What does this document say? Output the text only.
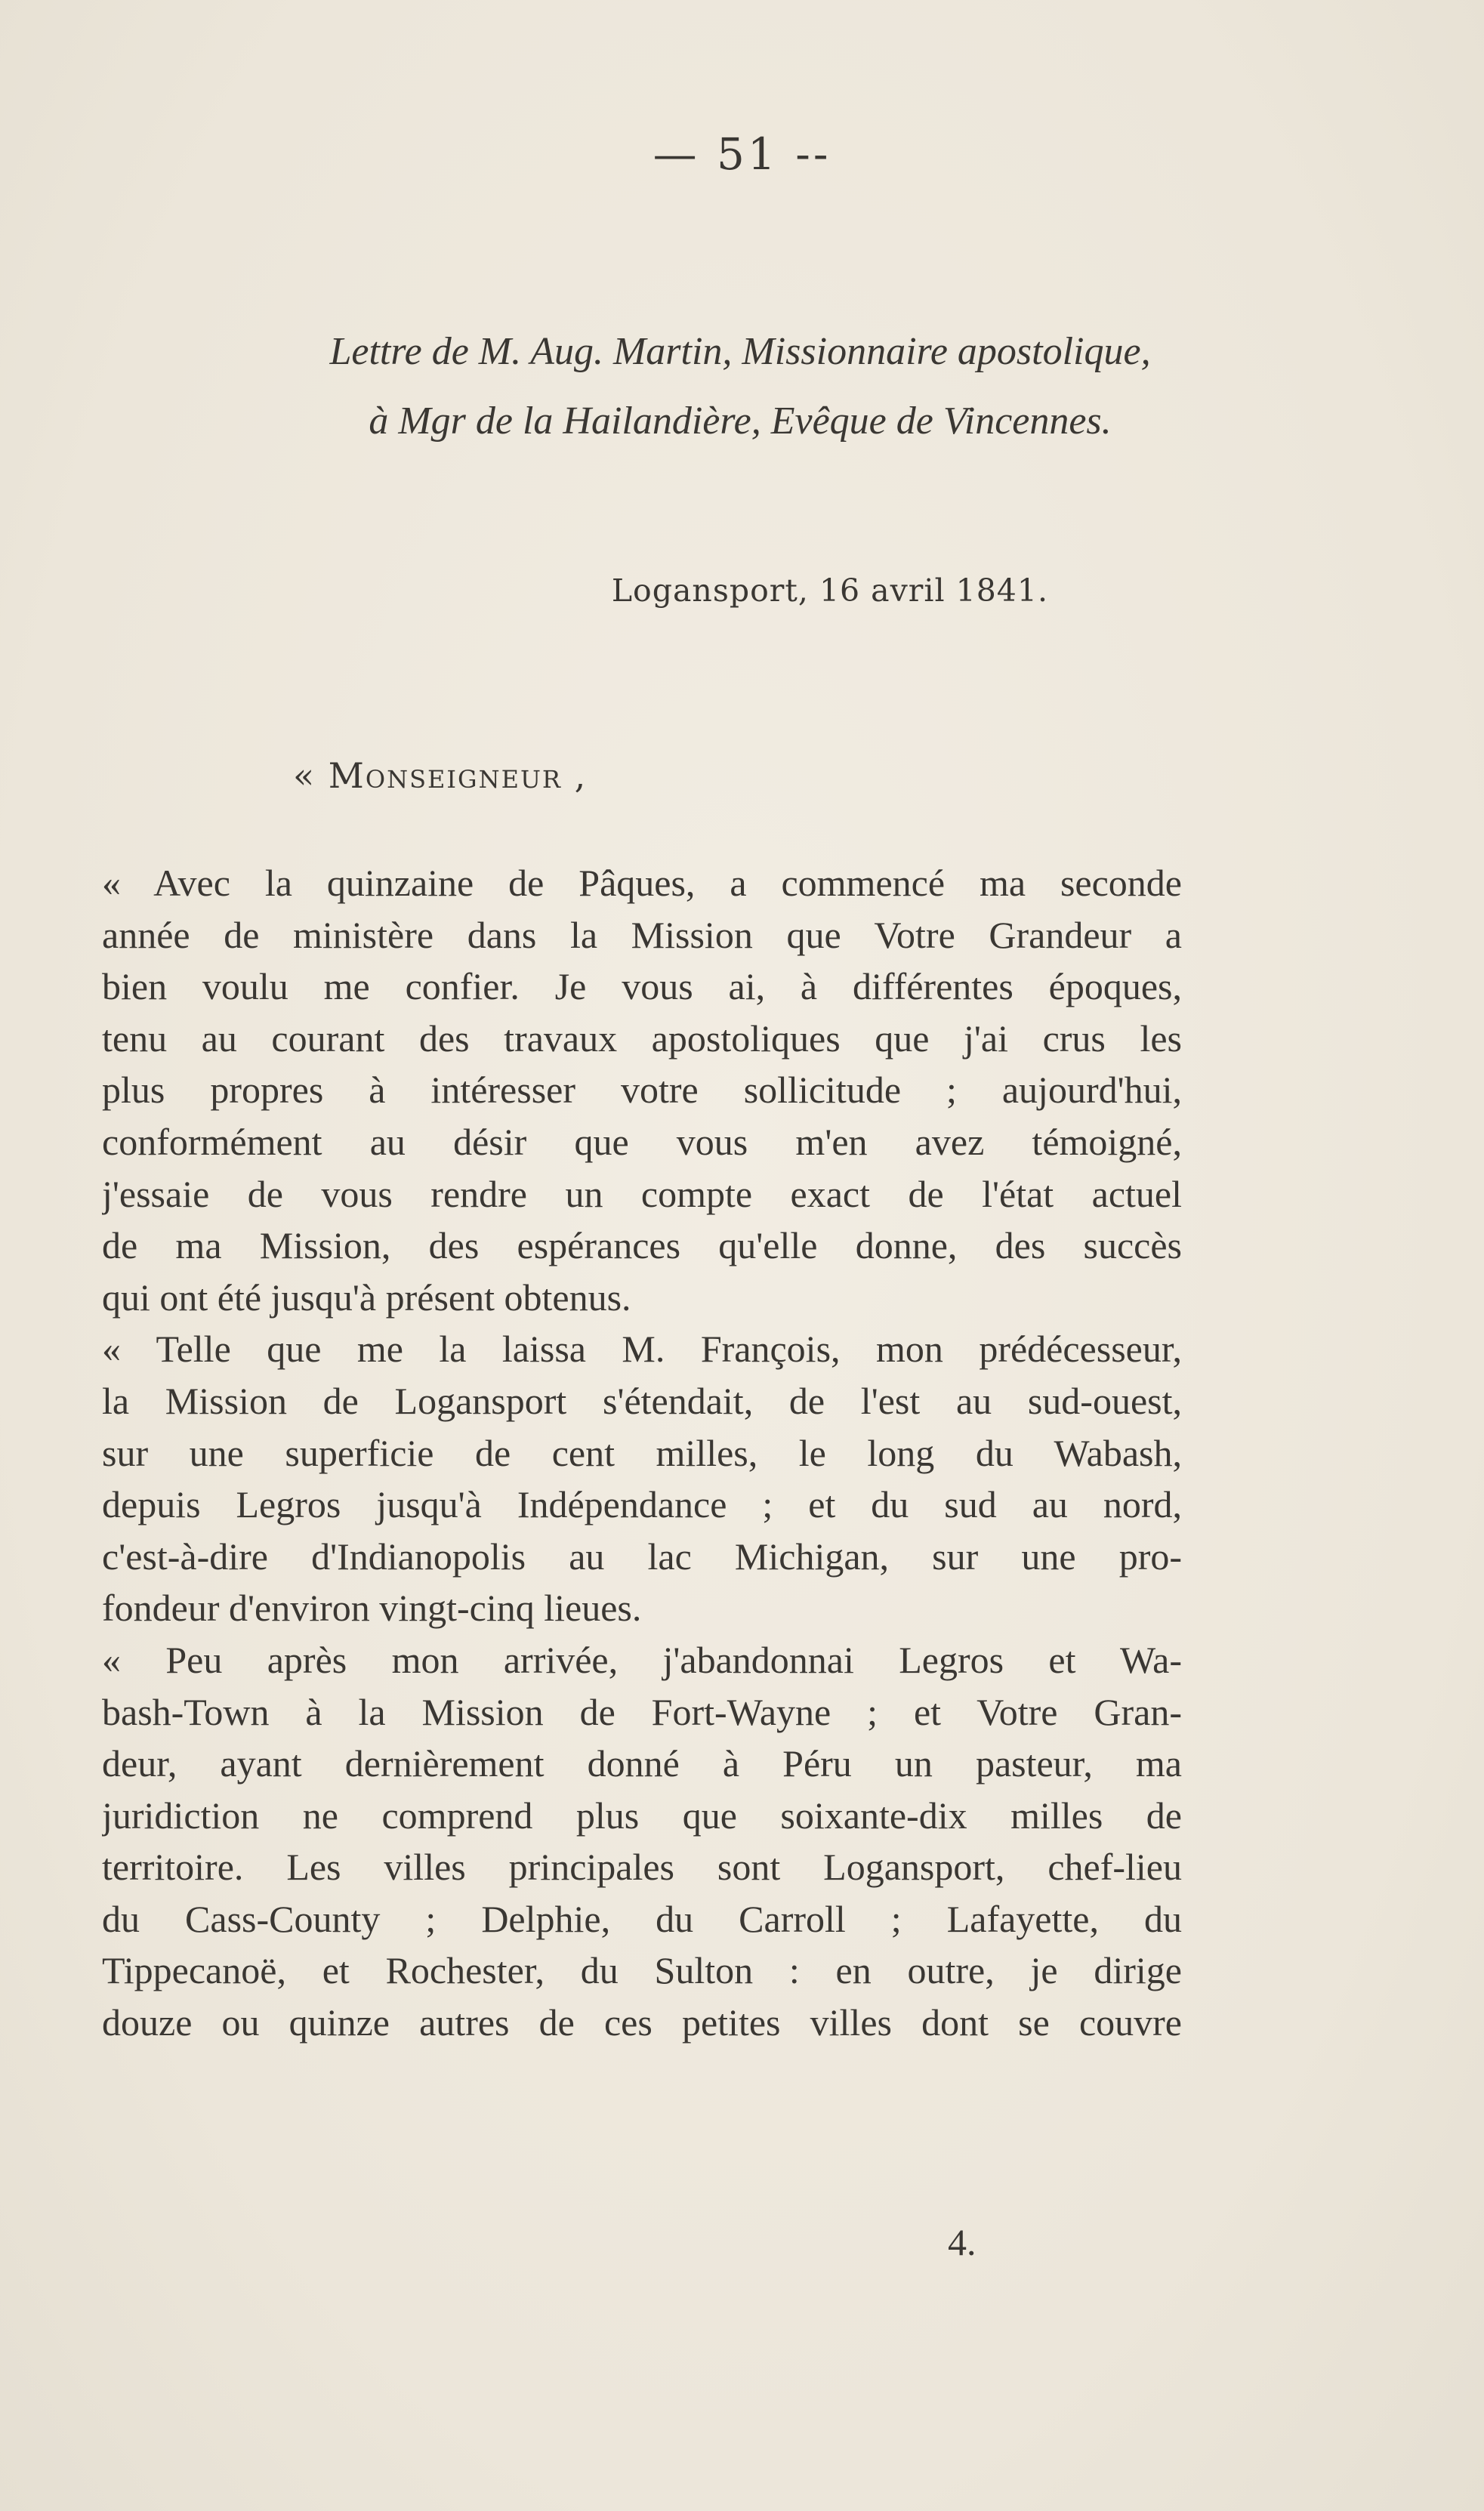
— 51 --
Lettre de M. Aug. Martin, Missionnaire apostolique,
à Mgr de la Hailandière, Evêque de Vincennes.
Logansport, 16 avril 1841.
« Monseigneur ,
« Avec la quinzaine de Pâques, a commencé ma seconde
année de ministère dans la Mission que Votre Grandeur a
bien voulu me confier. Je vous ai, à différentes époques,
tenu au courant des travaux apostoliques que j'ai crus les
plus propres à intéresser votre sollicitude ; aujourd'hui,
conformément au désir que vous m'en avez témoigné,
j'essaie de vous rendre un compte exact de l'état actuel
de ma Mission, des espérances qu'elle donne, des succès
qui ont été jusqu'à présent obtenus.
« Telle que me la laissa M. François, mon prédécesseur,
la Mission de Logansport s'étendait, de l'est au sud-ouest,
sur une superficie de cent milles, le long du Wabash,
depuis Legros jusqu'à Indépendance ; et du sud au nord,
c'est-à-dire d'Indianopolis au lac Michigan, sur une pro-
fondeur d'environ vingt-cinq lieues.
« Peu après mon arrivée, j'abandonnai Legros et Wa-
bash-Town à la Mission de Fort-Wayne ; et Votre Gran-
deur, ayant dernièrement donné à Péru un pasteur, ma
juridiction ne comprend plus que soixante-dix milles de
territoire. Les villes principales sont Logansport, chef-lieu
du Cass-County ; Delphie, du Carroll ; Lafayette, du
Tippecanoë, et Rochester, du Sulton : en outre, je dirige
douze ou quinze autres de ces petites villes dont se couvre
4.
